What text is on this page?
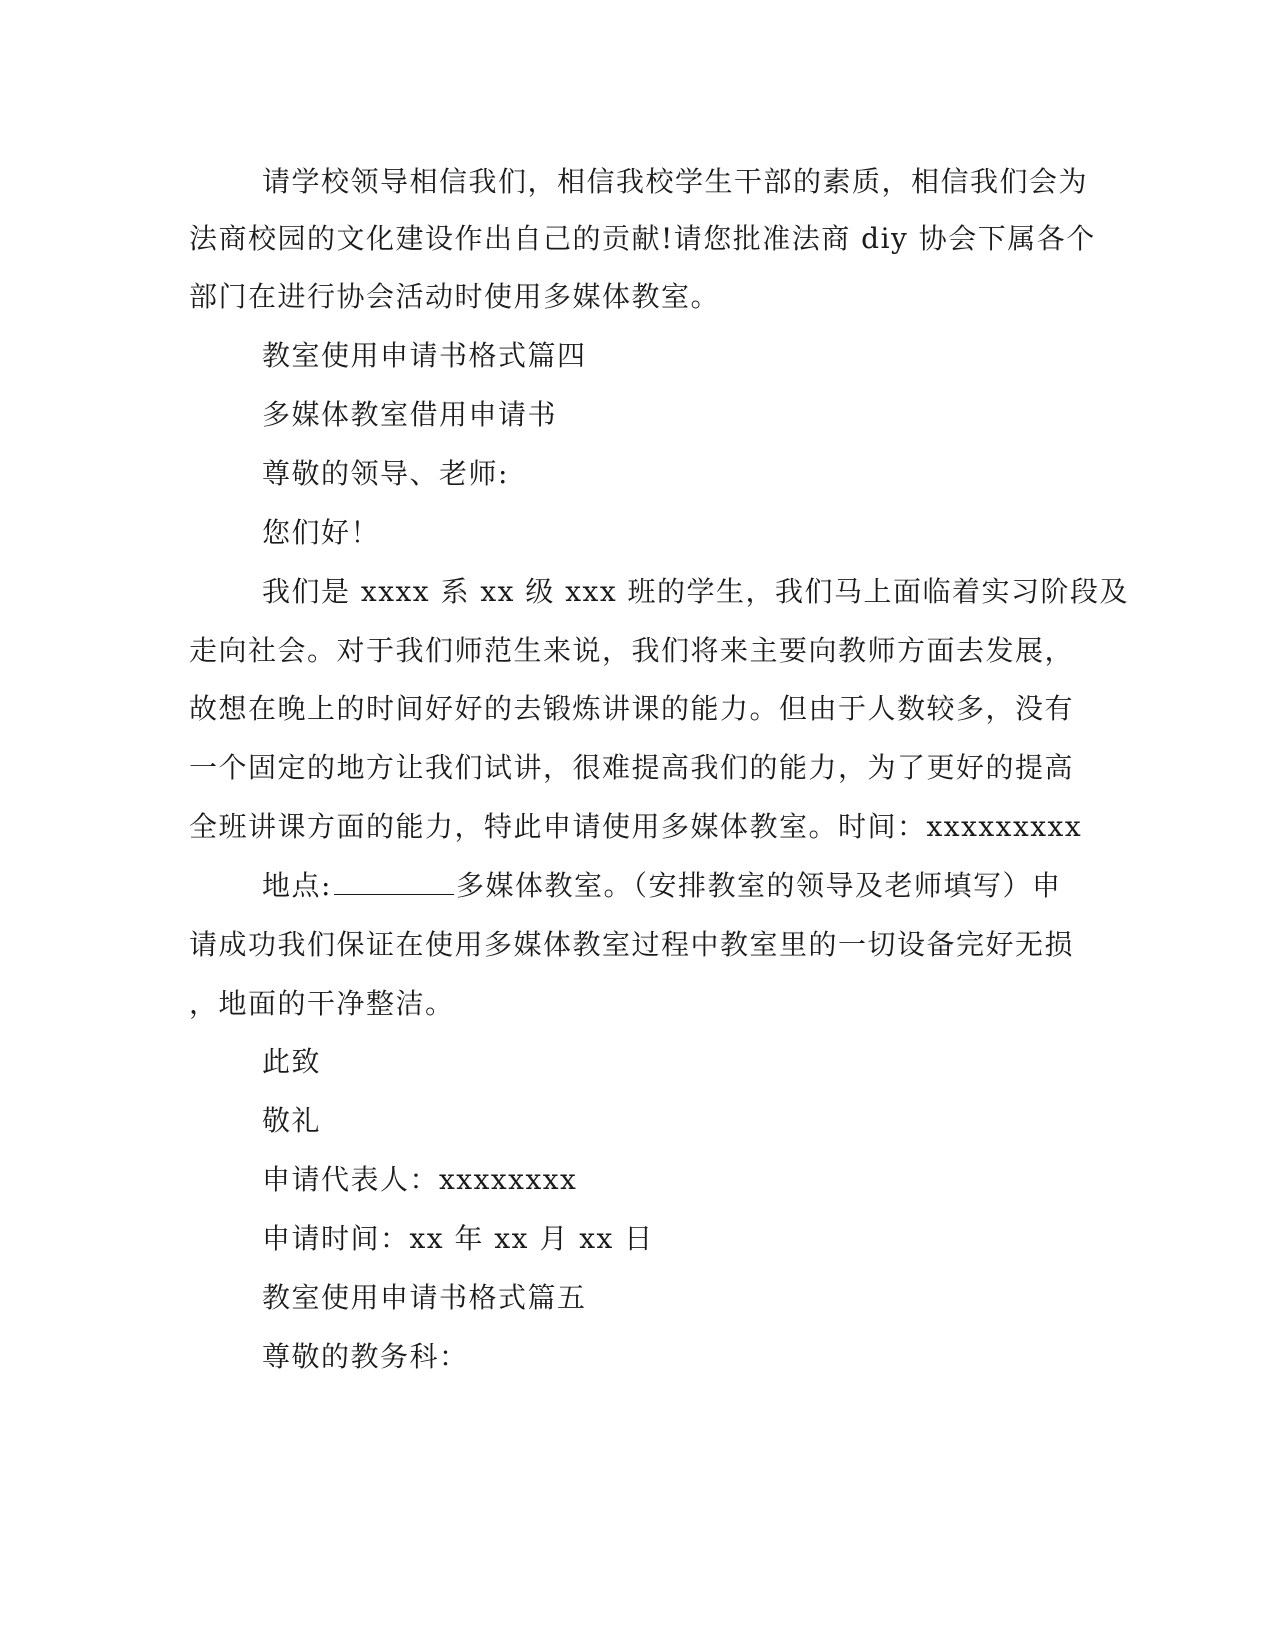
请学校领导相信我们，相信我校学生干部的素质，相信我们会为
法商校园的文化建设作出自己的贡献!请您批准法商 diy 协会下属各个
部门在进行协会活动时使用多媒体教室。
教室使用申请书格式篇四
多媒体教室借用申请书
尊敬的领导、老师:
您们好！
我们是 xxxx 系 xx 级 xxx 班的学生，我们马上面临着实习阶段及
走向社会。对于我们师范生来说，我们将来主要向教师方面去发展，
故想在晚上的时间好好的去锻炼讲课的能力。但由于人数较多，没有
一个固定的地方让我们试讲，很难提高我们的能力，为了更好的提高
全班讲课方面的能力，特此申请使用多媒体教室。时间：xxxxxxxxx
地点:	多媒体教室。（安排教室的领导及老师填写）申
请成功我们保证在使用多媒体教室过程中教室里的一切设备完好无损
，地面的干净整洁。
此致
敬礼
申请代表人：xxxxxxxx
申请时间：xx 年 xx 月 xx 日
教室使用申请书格式篇五
尊敬的教务科：
